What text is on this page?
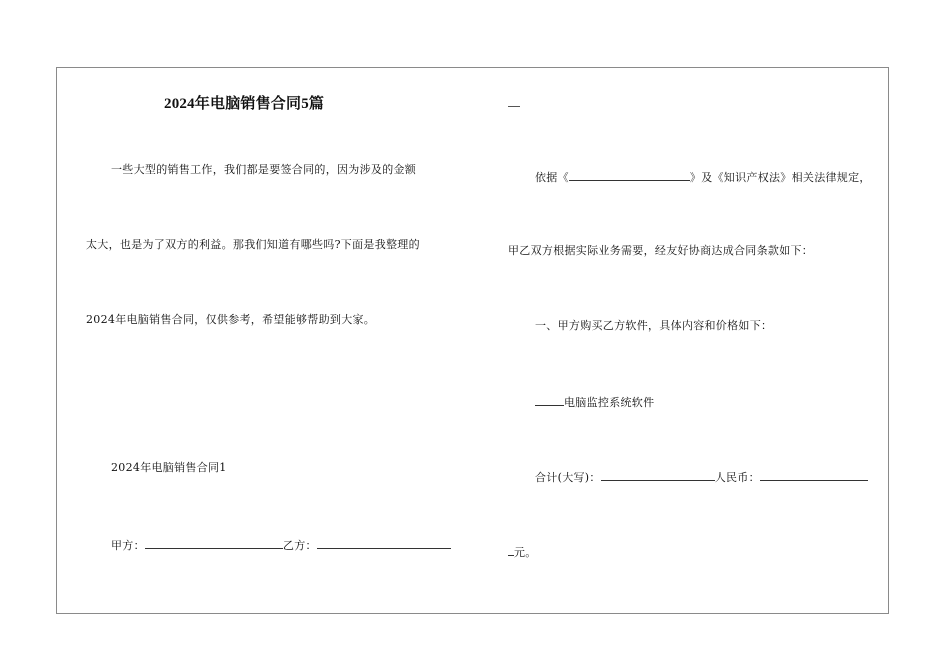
2024年电脑销售合同5篇
一些大型的销售工作，我们都是要签合同的，因为涉及的金额
太大，也是为了双方的利益。那我们知道有哪些吗?下面是我整理的
2024年电脑销售合同，仅供参考，希望能够帮助到大家。
2024年电脑销售合同1
甲方：	乙方：
依据《	》及《知识产权法》相关法律规定，
甲乙双方根据实际业务需要，经友好协商达成合同条款如下：
一、甲方购买乙方软件，具体内容和价格如下：
电脑监控系统软件
合计(大写)：	人民币：
元。
